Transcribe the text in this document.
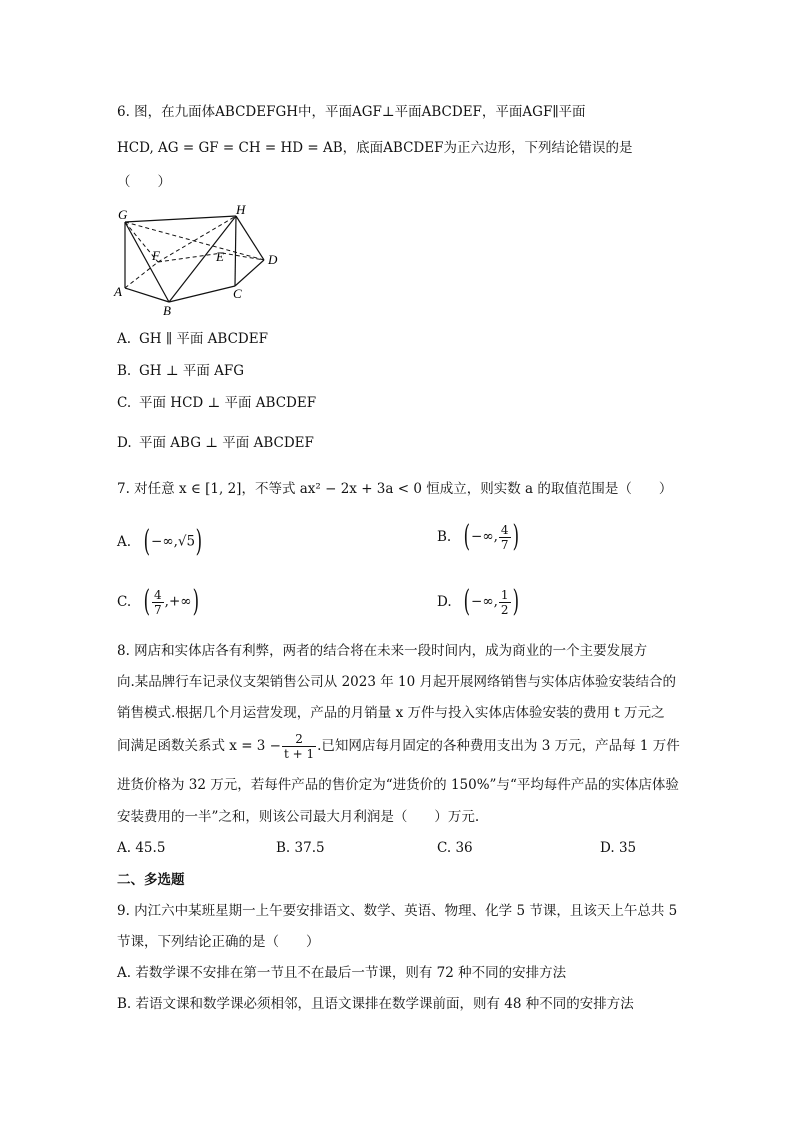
6. 图，在九面体ABCDEFGH中，平面AGF⊥平面ABCDEF，平面AGF∥平面
HCD, AG = GF = CH = HD = AB，底面ABCDEF为正六边形，下列结论错误的是
（　　）
G	H
F	E	D
A
B
C
A. GH ∥ 平面 ABCDEF
B. GH ⊥ 平面 AFG
C. 平面 HCD ⊥ 平面 ABCDEF
D. 平面 ABG ⊥ 平面 ABCDEF
7. 对任意 x ∈ [1, 2]，不等式 ax² − 2x + 3a < 0 恒成立，则实数 a 的取值范围是（　　）
A. (−∞,√5)	B. (−∞, $\frac{4}{7}$ )
C. ( $\frac{4}{7}$ ,+∞)	D. (−∞, $\frac{1}{2}$ )
8. 网店和实体店各有利弊，两者的结合将在未来一段时间内，成为商业的一个主要发展方
向.某品牌行车记录仪支架销售公司从 2023 年 10 月起开展网络销售与实体店体验安装结合的
销售模式.根据几个月运营发现，产品的月销量 x 万件与投入实体店体验安装的费用 t 万元之
间满足函数关系式 $x = 3 - \frac{2}{t + 1}$ .已知网店每月固定的各种费用支出为 3 万元，产品每 1 万件
进货价格为 32 万元，若每件产品的售价定为“进货价的 150%”与“平均每件产品的实体店体验
安装费用的一半”之和，则该公司最大月利润是（　　）万元.
A. 45.5	B. 37.5	C. 36	D. 35
二、多选题
9. 内江六中某班星期一上午要安排语文、数学、英语、物理、化学 5 节课，且该天上午总共 5
节课，下列结论正确的是（　　）
A. 若数学课不安排在第一节且不在最后一节课，则有 72 种不同的安排方法
B. 若语文课和数学课必须相邻，且语文课排在数学课前面，则有 48 种不同的安排方法
